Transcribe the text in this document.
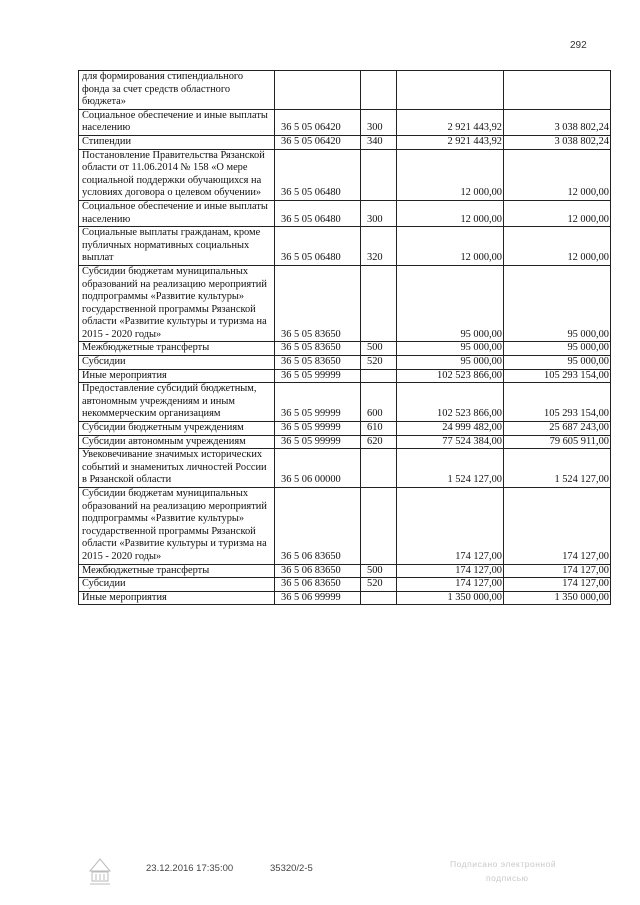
292
для формирования стипендиального фонда за счет средств областного бюджета»				
Социальное обеспечение и иные выплаты населению	36 5 05 06420	300	2 921 443,92	3 038 802,24
Стипендии	36 5 05 06420	340	2 921 443,92	3 038 802,24
Постановление Правительства Рязанской области от 11.06.2014 № 158 «О мере социальной поддержки обучающихся на условиях договора о целевом обучении»	36 5 05 06480		12 000,00	12 000,00
Социальное обеспечение и иные выплаты населению	36 5 05 06480	300	12 000,00	12 000,00
Социальные выплаты гражданам, кроме публичных нормативных социальных выплат	36 5 05 06480	320	12 000,00	12 000,00
Субсидии бюджетам муниципальных образований на реализацию мероприятий подпрограммы «Развитие культуры» государственной программы Рязанской области «Развитие культуры и туризма на 2015 - 2020 годы»	36 5 05 83650		95 000,00	95 000,00
Межбюджетные трансферты	36 5 05 83650	500	95 000,00	95 000,00
Субсидии	36 5 05 83650	520	95 000,00	95 000,00
Иные мероприятия	36 5 05 99999		102 523 866,00	105 293 154,00
Предоставление субсидий бюджетным, автономным учреждениям и иным некоммерческим организациям	36 5 05 99999	600	102 523 866,00	105 293 154,00
Субсидии бюджетным учреждениям	36 5 05 99999	610	24 999 482,00	25 687 243,00
Субсидии автономным учреждениям	36 5 05 99999	620	77 524 384,00	79 605 911,00
Увековечивание значимых исторических событий и знаменитых личностей России в Рязанской области	36 5 06 00000		1 524 127,00	1 524 127,00
Субсидии бюджетам муниципальных образований на реализацию мероприятий подпрограммы «Развитие культуры» государственной программы Рязанской области «Развитие культуры и туризма на 2015 - 2020 годы»	36 5 06 83650		174 127,00	174 127,00
Межбюджетные трансферты	36 5 06 83650	500	174 127,00	174 127,00
Субсидии	36 5 06 83650	520	174 127,00	174 127,00
Иные мероприятия	36 5 06 99999		1 350 000,00	1 350 000,00
23.12.2016 17:35:00	35320/2-5	Подписано электронной
подписью
